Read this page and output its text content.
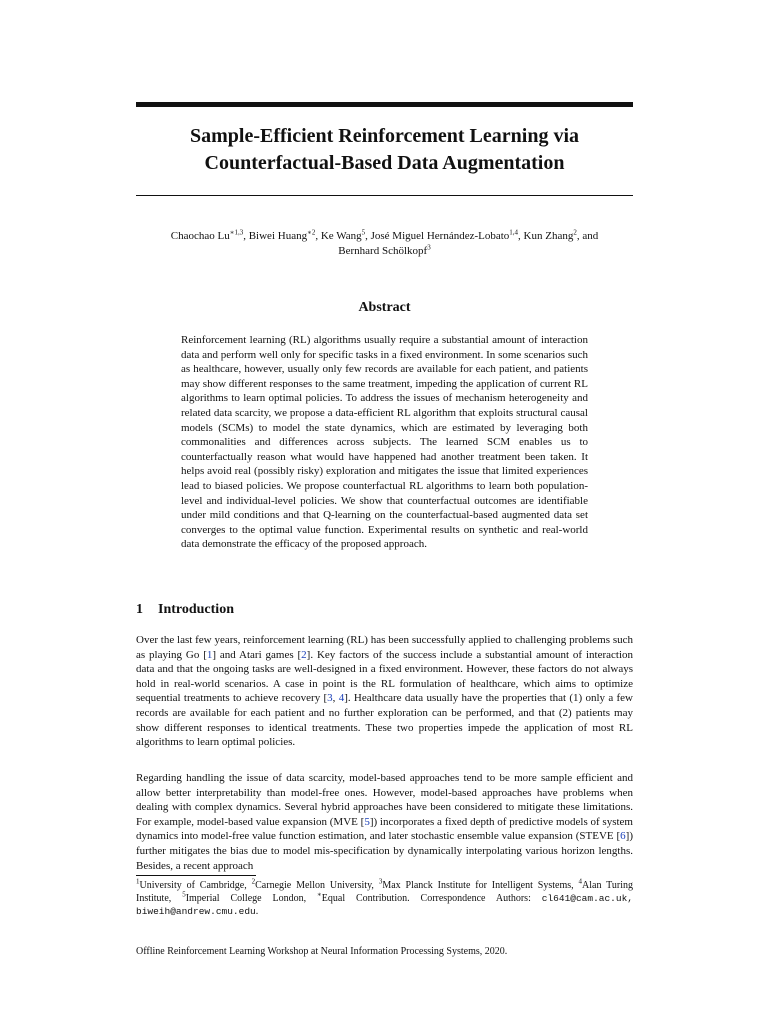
Sample-Efficient Reinforcement Learning via
Counterfactual-Based Data Augmentation
Chaochao $Lu^{∗1,3}$, Biwei Huang$^{∗2}$, Ke Wang$^5$, José Miguel Hernández-Lobato$^{1,4}$, Kun Zhang$^2$, and
Bernhard Schölkopf$^3$
Abstract
Reinforcement learning (RL) algorithms usually require a substantial amount of interaction data and perform well only for specific tasks in a fixed environment. In some scenarios such as healthcare, however, usually only few records are available for each patient, and patients may show different responses to the same treatment, impeding the application of current RL algorithms to learn optimal policies. To address the issues of mechanism heterogeneity and related data scarcity, we propose a data-efficient RL algorithm that exploits structural causal models (SCMs) to model the state dynamics, which are estimated by leveraging both commonalities and differences across subjects. The learned SCM enables us to counterfactually reason what would have happened had another treatment been taken. It helps avoid real (possibly risky) exploration and mitigates the issue that limited experiences lead to biased policies. We propose counterfactual RL algorithms to learn both population-level and individual-level policies. We show that counterfactual outcomes are identifiable under mild conditions and that Q-learning on the counterfactual-based augmented data set converges to the optimal value function. Experimental results on synthetic and real-world data demonstrate the efficacy of the proposed approach.
1 Introduction
Over the last few years, reinforcement learning (RL) has been successfully applied to challenging problems such as playing Go [1] and Atari games [2]. Key factors of the success include a substantial amount of interaction data and that the ongoing tasks are well-designed in a fixed environment. However, these factors do not always hold in real-world scenarios. A case in point is the RL formulation of healthcare, which aims to optimize sequential treatments to achieve recovery [3, 4]. Healthcare data usually have the properties that (1) only a few records are available for each patient and no further exploration can be performed, and that (2) patients may show different responses to identical treatments. These two properties impede the application of most RL algorithms to learn optimal policies.
Regarding handling the issue of data scarcity, model-based approaches tend to be more sample efficient and allow better interpretability than model-free ones. However, model-based approaches have problems when dealing with complex dynamics. Several hybrid approaches have been considered to mitigate these limitations. For example, model-based value expansion (MVE [5]) incorporates a fixed depth of predictive models of system dynamics into model-free value function estimation, and later stochastic ensemble value expansion (STEVE [6]) further mitigates the bias due to model mis-specification by dynamically interpolating various horizon lengths. Besides, a recent approach
$^1$University of Cambridge, $^2$Carnegie Mellon University, $^3$Max Planck Institute for Intelligent Systems, $^4$Alan Turing Institute, $^5$Imperial College London, ∗Equal Contribution. Correspondence Authors: cl641@cam.ac.uk, biweih@andrew.cmu.edu.
Offline Reinforcement Learning Workshop at Neural Information Processing Systems, 2020.
